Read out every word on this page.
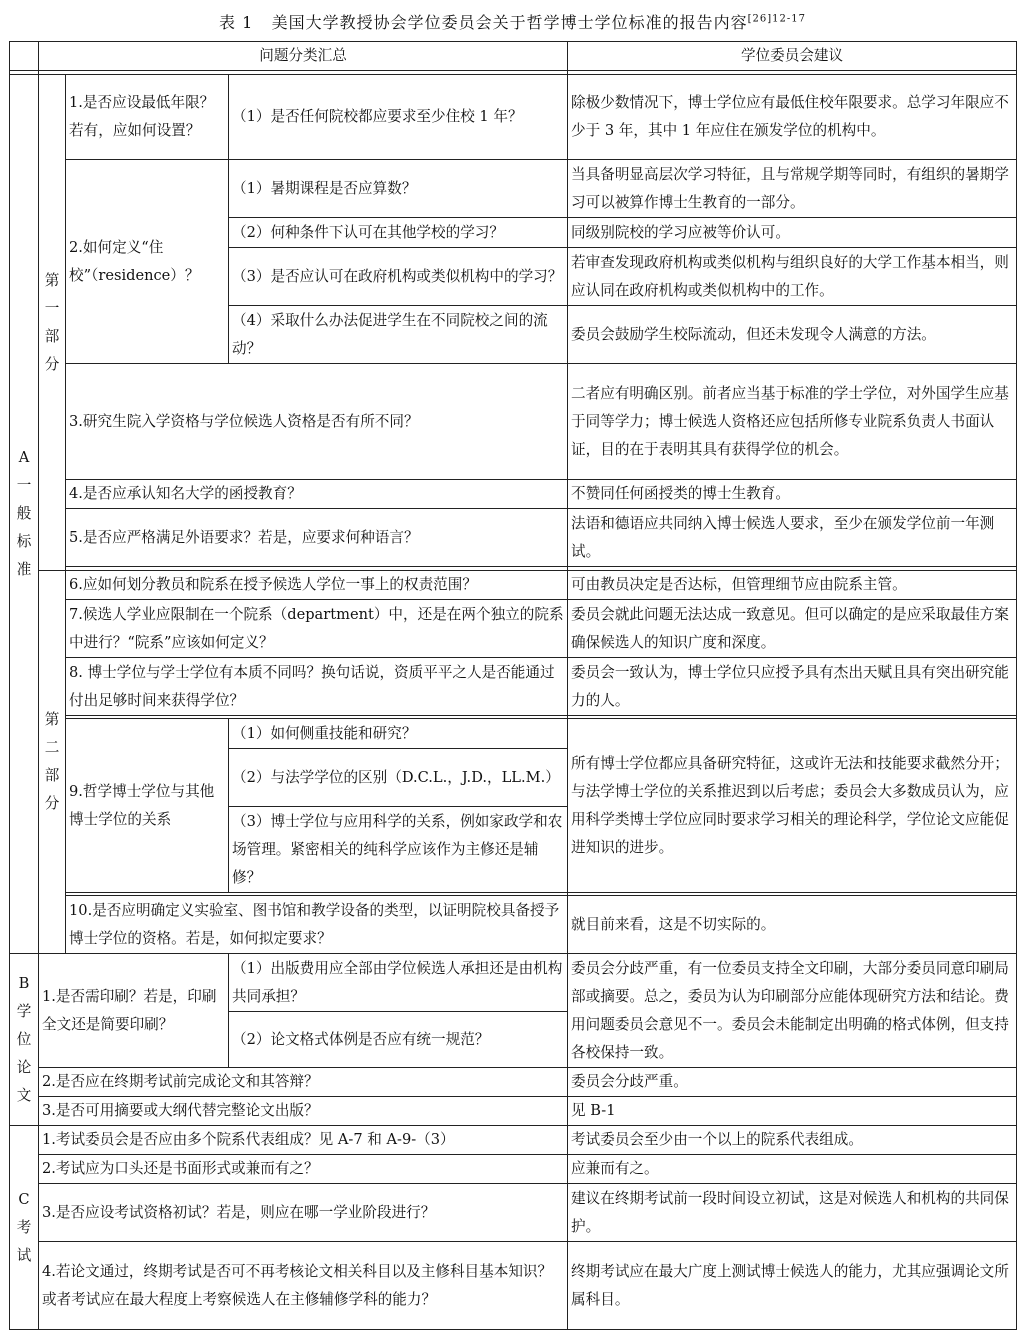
表 1 美国大学教授协会学位委员会关于哲学博士学位标准的报告内容$^{[26]12-17}$
	问题分类汇总			学位委员会建议

A一般标准	第一部分	1.是否应设最低年限？若有，应如何设置？	（1）是否任何院校都应要求至少住校 1 年？	除极少数情况下，博士学位应有最低住校年限要求。总学习年限应不少于 3 年，其中 1 年应住在颁发学位的机构中。
		2.如何定义“住校”（residence）？	（1）暑期课程是否应算数？	当具备明显高层次学习特征，且与常规学期等同时，有组织的暑期学习可以被算作博士生教育的一部分。
			（2）何种条件下认可在其他学校的学习？	同级别院校的学习应被等价认可。
			（3）是否应认可在政府机构或类似机构中的学习？	若审查发现政府机构或类似机构与组织良好的大学工作基本相当，则应认同在政府机构或类似机构中的工作。
			（4）采取什么办法促进学生在不同院校之间的流动？	委员会鼓励学生校际流动，但还未发现令人满意的方法。
		3.研究生院入学资格与学位候选人资格是否有所不同？		二者应有明确区别。前者应当基于标准的学士学位，对外国学生应基于同等学力；博士候选人资格还应包括所修专业院系负责人书面认证，目的在于表明其具有获得学位的机会。
		4.是否应承认知名大学的函授教育？		不赞同任何函授类的博士生教育。
		5.是否应严格满足外语要求？若是，应要求何种语言？		法语和德语应共同纳入博士候选人要求，至少在颁发学位前一年测试。

	第二部分	6.应如何划分教员和院系在授予候选人学位一事上的权责范围？		可由教员决定是否达标，但管理细节应由院系主管。
		7.候选人学业应限制在一个院系（department）中，还是在两个独立的院系中进行？“院系”应该如何定义？		委员会就此问题无法达成一致意见。但可以确定的是应采取最佳方案确保候选人的知识广度和深度。
		8. 博士学位与学士学位有本质不同吗？换句话说，资质平平之人是否能通过付出足够时间来获得学位？		委员会一致认为，博士学位只应授予具有杰出天赋且具有突出研究能力的人。

		9.哲学博士学位与其他博士学位的关系	（1）如何侧重技能和研究？	所有博士学位都应具备研究特征，这或许无法和技能要求截然分开；与法学博士学位的关系推迟到以后考虑；委员会大多数成员认为，应用科学类博士学位应同时要求学习相关的理论科学，学位论文应能促进知识的进步。
			（2）与法学学位的区别（D.C.L.，J.D.，LL.M.）	
			（3）博士学位与应用科学的关系，例如家政学和农场管理。紧密相关的纯科学应该作为主修还是辅修？	

		10.是否应明确定义实验室、图书馆和教学设备的类型，以证明院校具备授予博士学位的资格。若是，如何拟定要求？		就目前来看，这是不切实际的。
B学位论文	1.是否需印刷？若是，印刷全文还是简要印刷？		（1）出版费用应全部由学位候选人承担还是由机构共同承担？	委员会分歧严重，有一位委员支持全文印刷，大部分委员同意印刷局部或摘要。总之，委员为认为印刷部分应能体现研究方法和结论。费用问题委员会意见不一。委员会未能制定出明确的格式体例，但支持各校保持一致。
			（2）论文格式体例是否应有统一规范？	
	2.是否应在终期考试前完成论文和其答辩？			委员会分歧严重。
	3.是否可用摘要或大纲代替完整论文出版？			见 B-1
C考试	1.考试委员会是否应由多个院系代表组成？见 A-7 和 A-9-（3）			考试委员会至少由一个以上的院系代表组成。
	2.考试应为口头还是书面形式或兼而有之？			应兼而有之。
	3.是否应设考试资格初试？若是，则应在哪一学业阶段进行？			建议在终期考试前一段时间设立初试，这是对候选人和机构的共同保护。
	4.若论文通过，终期考试是否可不再考核论文相关科目以及主修科目基本知识？或者考试应在最大程度上考察候选人在主修辅修学科的能力？			终期考试应在最大广度上测试博士候选人的能力，尤其应强调论文所属科目。
